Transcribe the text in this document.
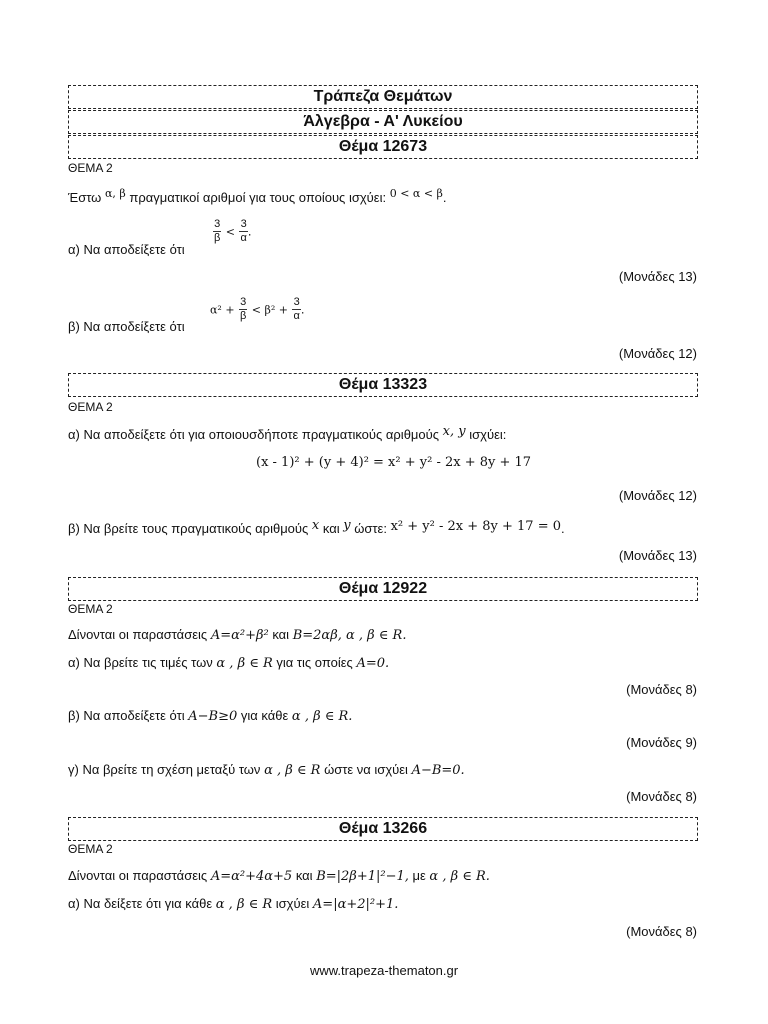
Τράπεζα Θεμάτων
Άλγεβρα - Α' Λυκείου
Θέμα 12673
ΘΕΜΑ 2
Έστω $^{\alpha, \beta}$ πραγματικοί αριθμοί για τους οποίους ισχύει: $^{0 < \alpha < \beta}$.
α) Να αποδείξετε ότι
$\frac{3}{\beta} < \frac{3}{\alpha}$ .
(Μονάδες 13)
β) Να αποδείξετε ότι
$\alpha^2 + \frac{3}{\beta} < \beta^2 + \frac{3}{\alpha}$ .
(Μονάδες 12)
Θέμα 13323
ΘΕΜΑ 2
α) Να αποδείξετε ότι για οποιουσδήποτε πραγματικούς αριθμούς x, y ισχύει:
(x - 1)² + (y + 4)² = x² + y² - 2x + 8y + 17
(Μονάδες 12)
β) Να βρείτε τους πραγματικούς αριθμούς x και y ώστε: x² + y² - 2x + 8y + 17 = 0.
(Μονάδες 13)
Θέμα 12922
ΘΕΜΑ 2
Δίνονται οι παραστάσεις A=α²+β² και B=2αβ, α , β ∈ R.
α) Να βρείτε τις τιμές των α , β ∈ R για τις οποίες A=0.
(Μονάδες 8)
β) Να αποδείξετε ότι A−B≥0 για κάθε α , β ∈ R.
(Μονάδες 9)
γ) Να βρείτε τη σχέση μεταξύ των α , β ∈ R ώστε να ισχύει A−B=0.
(Μονάδες 8)
Θέμα 13266
ΘΕΜΑ 2
Δίνονται οι παραστάσεις A=α²+4α+5 και B=|2β+1|²−1, με α , β ∈ R.
α) Να δείξετε ότι για κάθε α , β ∈ R ισχύει A=|α+2|²+1.
(Μονάδες 8)
www.trapeza-thematon.gr
